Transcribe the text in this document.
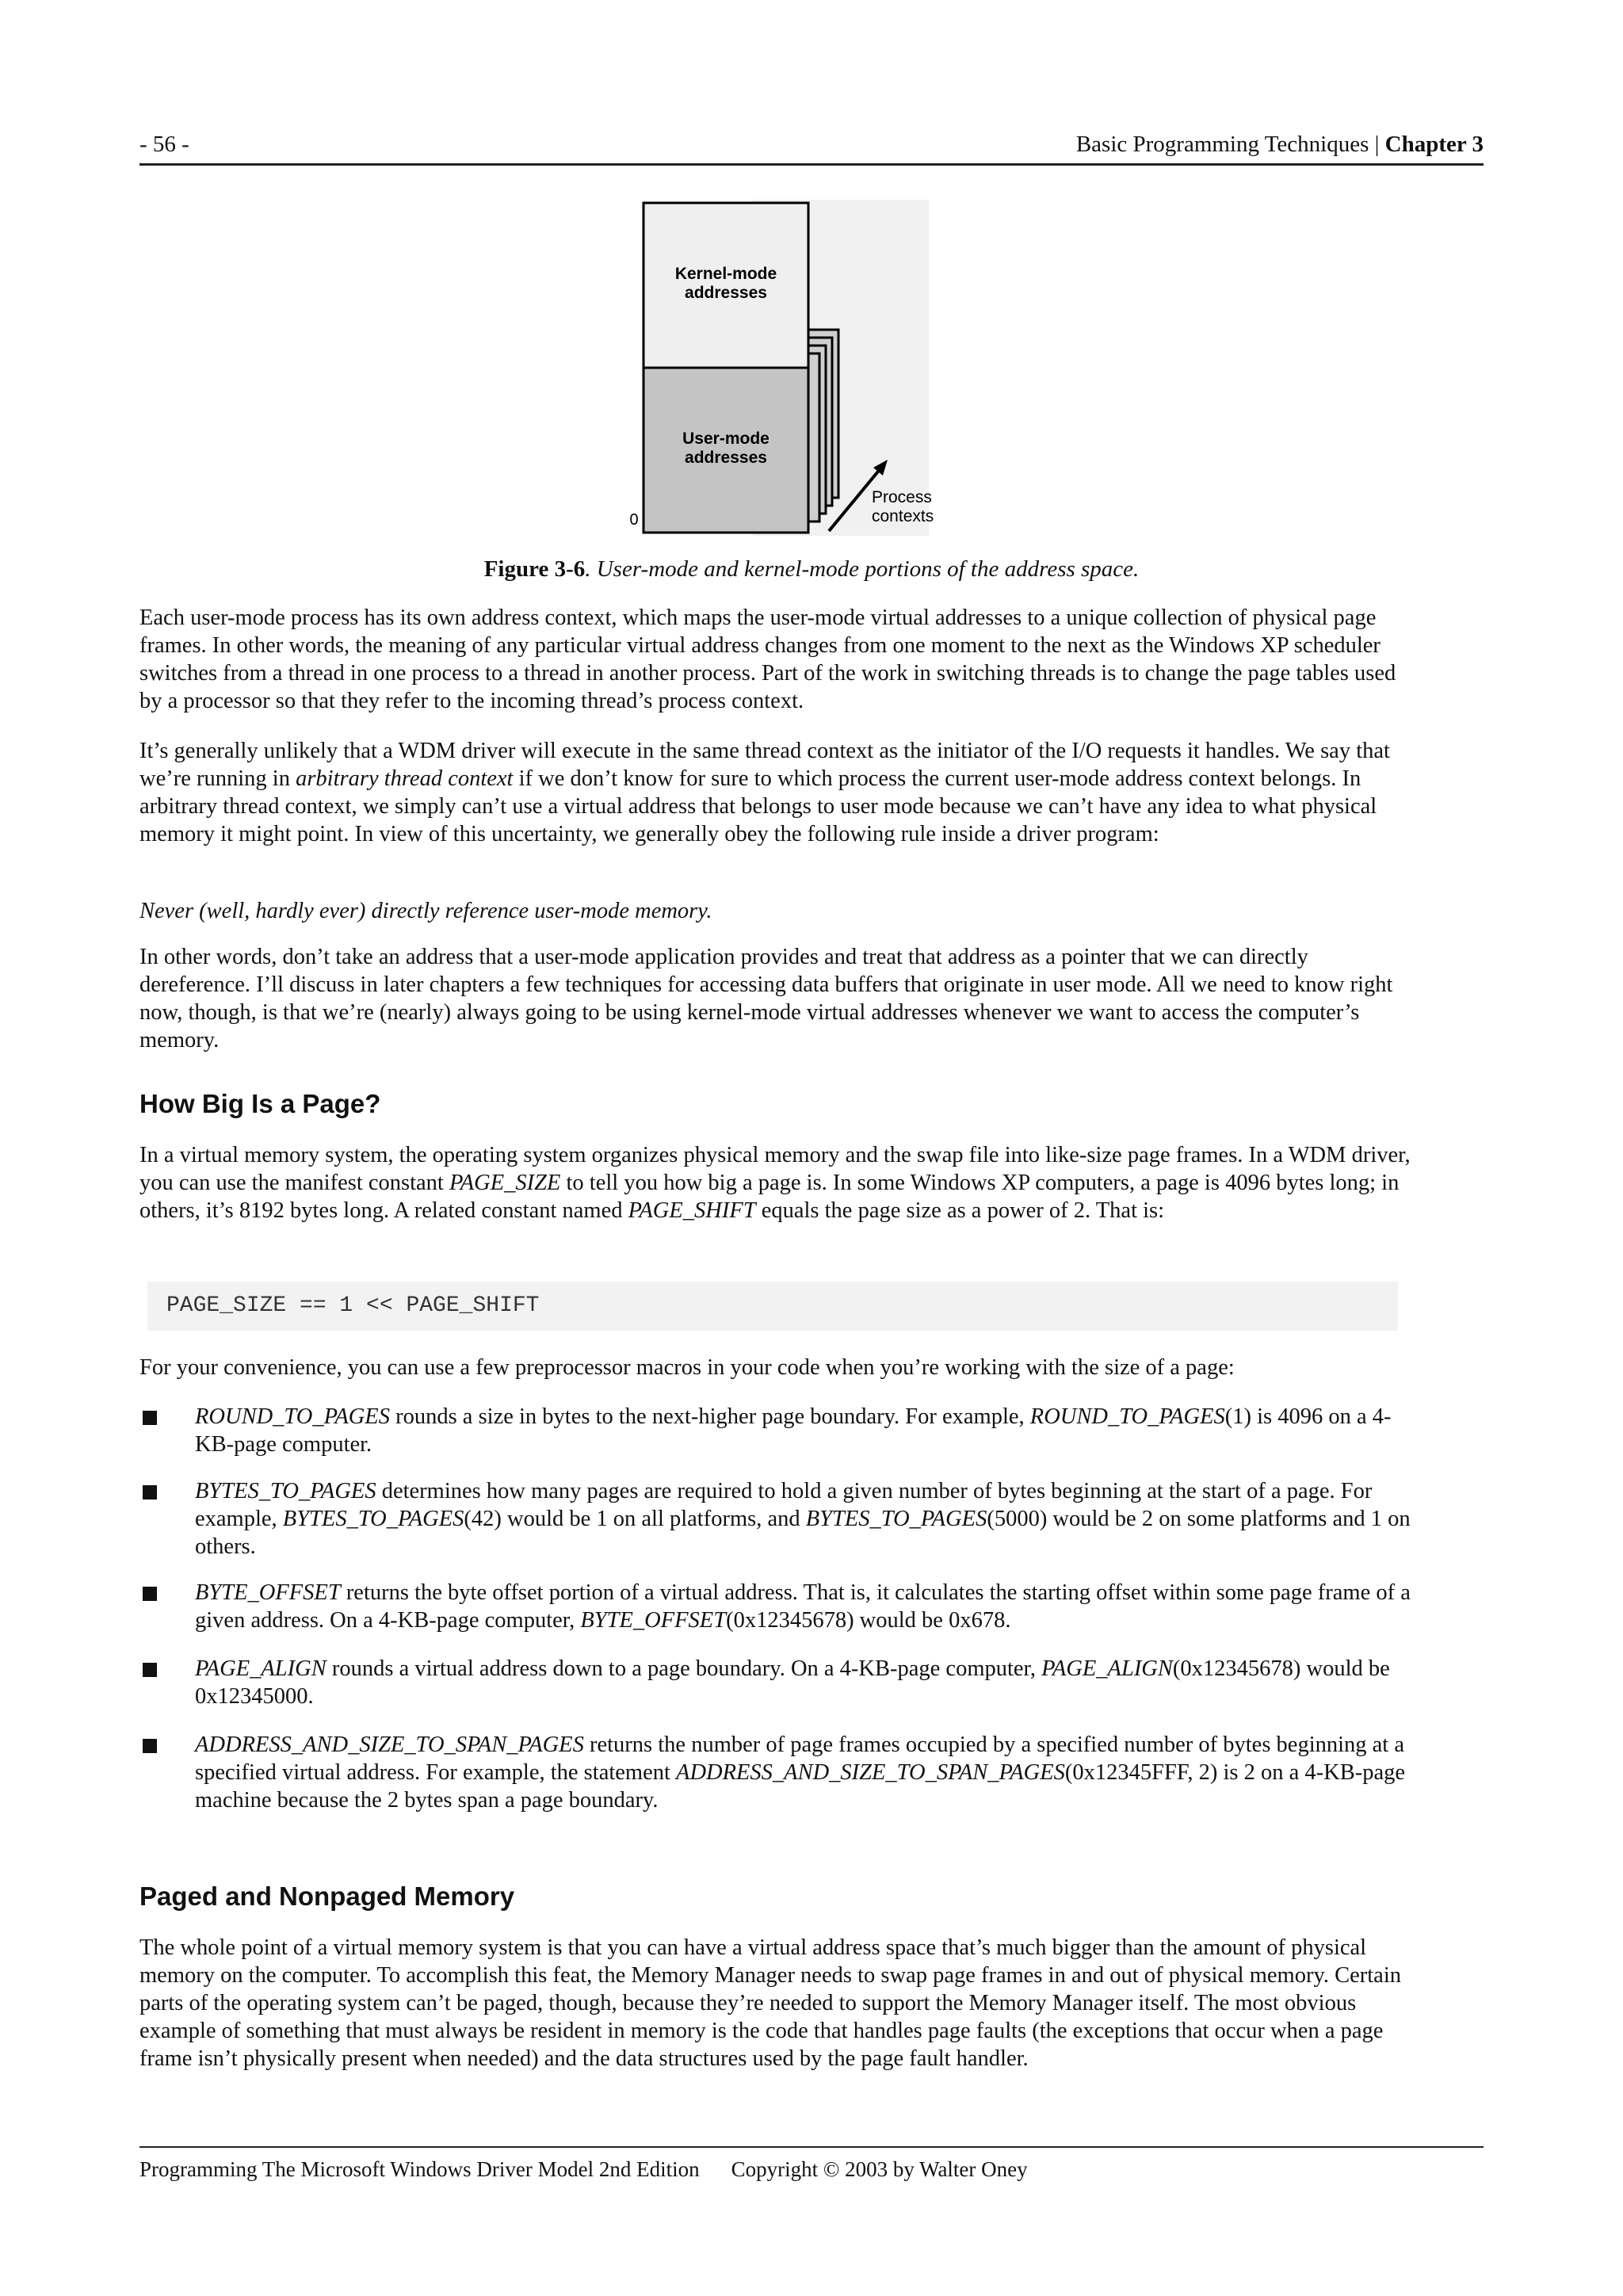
- 56 -	Basic Programming Techniques | Chapter 3
Kernel-mode
addresses
User-mode
addresses
0
Process
contexts
Figure 3-6. User-mode and kernel-mode portions of the address space.

Each user-mode process has its own address context, which maps the user-mode virtual addresses to a unique collection of physical page frames. In other words, the meaning of any particular virtual address changes from one moment to the next as the Windows XP scheduler switches from a thread in one process to a thread in another process. Part of the work in switching threads is to change the page tables used by a processor so that they refer to the incoming thread’s process context.

It’s generally unlikely that a WDM driver will execute in the same thread context as the initiator of the I/O requests it handles. We say that we’re running in arbitrary thread context if we don’t know for sure to which process the current user-mode address context belongs. In arbitrary thread context, we simply can’t use a virtual address that belongs to user mode because we can’t have any idea to what physical memory it might point. In view of this uncertainty, we generally obey the following rule inside a driver program:

Never (well, hardly ever) directly reference user-mode memory.

In other words, don’t take an address that a user-mode application provides and treat that address as a pointer that we can directly dereference. I’ll discuss in later chapters a few techniques for accessing data buffers that originate in user mode. All we need to know right now, though, is that we’re (nearly) always going to be using kernel-mode virtual addresses whenever we want to access the computer’s memory.

How Big Is a Page?

In a virtual memory system, the operating system organizes physical memory and the swap file into like-size page frames. In a WDM driver, you can use the manifest constant PAGE_SIZE to tell you how big a page is. In some Windows XP computers, a page is 4096 bytes long; in others, it’s 8192 bytes long. A related constant named PAGE_SHIFT equals the page size as a power of 2. That is:

PAGE_SIZE == 1 << PAGE_SHIFT

For your convenience, you can use a few preprocessor macros in your code when you’re working with the size of a page:

ROUND_TO_PAGES rounds a size in bytes to the next-higher page boundary. For example, ROUND_TO_PAGES(1) is 4096 on a 4-KB-page computer.
BYTES_TO_PAGES determines how many pages are required to hold a given number of bytes beginning at the start of a page. For example, BYTES_TO_PAGES(42) would be 1 on all platforms, and BYTES_TO_PAGES(5000) would be 2 on some platforms and 1 on others.
BYTE_OFFSET returns the byte offset portion of a virtual address. That is, it calculates the starting offset within some page frame of a given address. On a 4-KB-page computer, BYTE_OFFSET(0x12345678) would be 0x678.
PAGE_ALIGN rounds a virtual address down to a page boundary. On a 4-KB-page computer, PAGE_ALIGN(0x12345678) would be 0x12345000.
ADDRESS_AND_SIZE_TO_SPAN_PAGES returns the number of page frames occupied by a specified number of bytes beginning at a specified virtual address. For example, the statement ADDRESS_AND_SIZE_TO_SPAN_PAGES(0x12345FFF, 2) is 2 on a 4-KB-page machine because the 2 bytes span a page boundary.
Paged and Nonpaged Memory

The whole point of a virtual memory system is that you can have a virtual address space that’s much bigger than the amount of physical memory on the computer. To accomplish this feat, the Memory Manager needs to swap page frames in and out of physical memory. Certain parts of the operating system can’t be paged, though, because they’re needed to support the Memory Manager itself. The most obvious example of something that must always be resident in memory is the code that handles page faults (the exceptions that occur when a page frame isn’t physically present when needed) and the data structures used by the page fault handler.

Programming The Microsoft Windows Driver Model 2nd Edition Copyright © 2003 by Walter Oney
